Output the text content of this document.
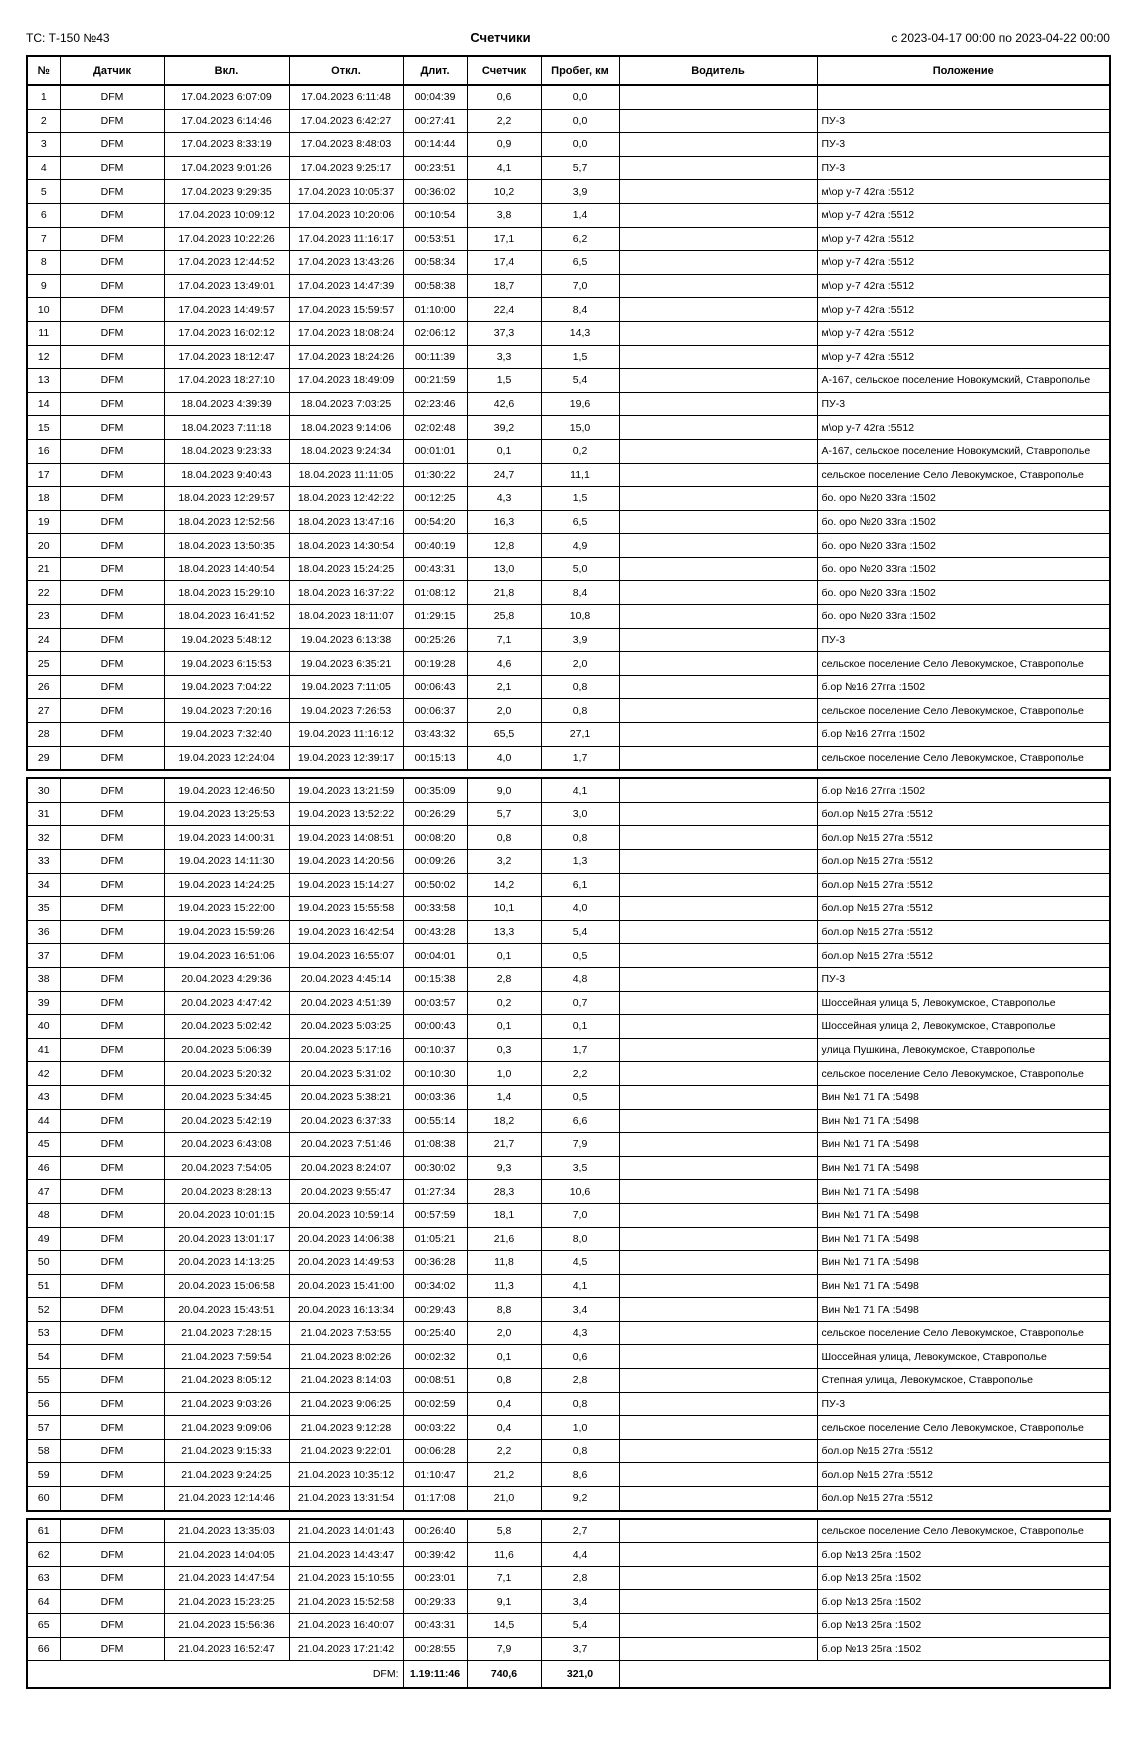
ТС: Т-150 №43	Счетчики	с 2023-04-17 00:00 по 2023-04-22 00:00
№	Датчик	Вкл.	Откл.	Длит.	Счетчик	Пробег, км	Водитель	Положение
1	DFM	17.04.2023 6:07:09	17.04.2023 6:11:48	00:04:39	0,6	0,0		
2	DFM	17.04.2023 6:14:46	17.04.2023 6:42:27	00:27:41	2,2	0,0		ПУ-3
3	DFM	17.04.2023 8:33:19	17.04.2023 8:48:03	00:14:44	0,9	0,0		ПУ-3
4	DFM	17.04.2023 9:01:26	17.04.2023 9:25:17	00:23:51	4,1	5,7		ПУ-3
5	DFM	17.04.2023 9:29:35	17.04.2023 10:05:37	00:36:02	10,2	3,9		м\ор у-7 42га :5512
6	DFM	17.04.2023 10:09:12	17.04.2023 10:20:06	00:10:54	3,8	1,4		м\ор у-7 42га :5512
7	DFM	17.04.2023 10:22:26	17.04.2023 11:16:17	00:53:51	17,1	6,2		м\ор у-7 42га :5512
8	DFM	17.04.2023 12:44:52	17.04.2023 13:43:26	00:58:34	17,4	6,5		м\ор у-7 42га :5512
9	DFM	17.04.2023 13:49:01	17.04.2023 14:47:39	00:58:38	18,7	7,0		м\ор у-7 42га :5512
10	DFM	17.04.2023 14:49:57	17.04.2023 15:59:57	01:10:00	22,4	8,4		м\ор у-7 42га :5512
11	DFM	17.04.2023 16:02:12	17.04.2023 18:08:24	02:06:12	37,3	14,3		м\ор у-7 42га :5512
12	DFM	17.04.2023 18:12:47	17.04.2023 18:24:26	00:11:39	3,3	1,5		м\ор у-7 42га :5512
13	DFM	17.04.2023 18:27:10	17.04.2023 18:49:09	00:21:59	1,5	5,4		А-167, сельское поселение Новокумский, Ставрополье
14	DFM	18.04.2023 4:39:39	18.04.2023 7:03:25	02:23:46	42,6	19,6		ПУ-3
15	DFM	18.04.2023 7:11:18	18.04.2023 9:14:06	02:02:48	39,2	15,0		м\ор у-7 42га :5512
16	DFM	18.04.2023 9:23:33	18.04.2023 9:24:34	00:01:01	0,1	0,2		А-167, сельское поселение Новокумский, Ставрополье
17	DFM	18.04.2023 9:40:43	18.04.2023 11:11:05	01:30:22	24,7	11,1		сельское поселение Село Левокумское, Ставрополье
18	DFM	18.04.2023 12:29:57	18.04.2023 12:42:22	00:12:25	4,3	1,5		бо. оро №20 33га :1502
19	DFM	18.04.2023 12:52:56	18.04.2023 13:47:16	00:54:20	16,3	6,5		бо. оро №20 33га :1502
20	DFM	18.04.2023 13:50:35	18.04.2023 14:30:54	00:40:19	12,8	4,9		бо. оро №20 33га :1502
21	DFM	18.04.2023 14:40:54	18.04.2023 15:24:25	00:43:31	13,0	5,0		бо. оро №20 33га :1502
22	DFM	18.04.2023 15:29:10	18.04.2023 16:37:22	01:08:12	21,8	8,4		бо. оро №20 33га :1502
23	DFM	18.04.2023 16:41:52	18.04.2023 18:11:07	01:29:15	25,8	10,8		бо. оро №20 33га :1502
24	DFM	19.04.2023 5:48:12	19.04.2023 6:13:38	00:25:26	7,1	3,9		ПУ-3
25	DFM	19.04.2023 6:15:53	19.04.2023 6:35:21	00:19:28	4,6	2,0		сельское поселение Село Левокумское, Ставрополье
26	DFM	19.04.2023 7:04:22	19.04.2023 7:11:05	00:06:43	2,1	0,8		б.ор №16 27гга :1502
27	DFM	19.04.2023 7:20:16	19.04.2023 7:26:53	00:06:37	2,0	0,8		сельское поселение Село Левокумское, Ставрополье
28	DFM	19.04.2023 7:32:40	19.04.2023 11:16:12	03:43:32	65,5	27,1		б.ор №16 27гга :1502
29	DFM	19.04.2023 12:24:04	19.04.2023 12:39:17	00:15:13	4,0	1,7		сельское поселение Село Левокумское, Ставрополье
30	DFM	19.04.2023 12:46:50	19.04.2023 13:21:59	00:35:09	9,0	4,1		б.ор №16 27гга :1502
31	DFM	19.04.2023 13:25:53	19.04.2023 13:52:22	00:26:29	5,7	3,0		бол.ор №15 27га :5512
32	DFM	19.04.2023 14:00:31	19.04.2023 14:08:51	00:08:20	0,8	0,8		бол.ор №15 27га :5512
33	DFM	19.04.2023 14:11:30	19.04.2023 14:20:56	00:09:26	3,2	1,3		бол.ор №15 27га :5512
34	DFM	19.04.2023 14:24:25	19.04.2023 15:14:27	00:50:02	14,2	6,1		бол.ор №15 27га :5512
35	DFM	19.04.2023 15:22:00	19.04.2023 15:55:58	00:33:58	10,1	4,0		бол.ор №15 27га :5512
36	DFM	19.04.2023 15:59:26	19.04.2023 16:42:54	00:43:28	13,3	5,4		бол.ор №15 27га :5512
37	DFM	19.04.2023 16:51:06	19.04.2023 16:55:07	00:04:01	0,1	0,5		бол.ор №15 27га :5512
38	DFM	20.04.2023 4:29:36	20.04.2023 4:45:14	00:15:38	2,8	4,8		ПУ-3
39	DFM	20.04.2023 4:47:42	20.04.2023 4:51:39	00:03:57	0,2	0,7		Шоссейная улица 5, Левокумское, Ставрополье
40	DFM	20.04.2023 5:02:42	20.04.2023 5:03:25	00:00:43	0,1	0,1		Шоссейная улица 2, Левокумское, Ставрополье
41	DFM	20.04.2023 5:06:39	20.04.2023 5:17:16	00:10:37	0,3	1,7		улица Пушкина, Левокумское, Ставрополье
42	DFM	20.04.2023 5:20:32	20.04.2023 5:31:02	00:10:30	1,0	2,2		сельское поселение Село Левокумское, Ставрополье
43	DFM	20.04.2023 5:34:45	20.04.2023 5:38:21	00:03:36	1,4	0,5		Вин №1 71 ГА :5498
44	DFM	20.04.2023 5:42:19	20.04.2023 6:37:33	00:55:14	18,2	6,6		Вин №1 71 ГА :5498
45	DFM	20.04.2023 6:43:08	20.04.2023 7:51:46	01:08:38	21,7	7,9		Вин №1 71 ГА :5498
46	DFM	20.04.2023 7:54:05	20.04.2023 8:24:07	00:30:02	9,3	3,5		Вин №1 71 ГА :5498
47	DFM	20.04.2023 8:28:13	20.04.2023 9:55:47	01:27:34	28,3	10,6		Вин №1 71 ГА :5498
48	DFM	20.04.2023 10:01:15	20.04.2023 10:59:14	00:57:59	18,1	7,0		Вин №1 71 ГА :5498
49	DFM	20.04.2023 13:01:17	20.04.2023 14:06:38	01:05:21	21,6	8,0		Вин №1 71 ГА :5498
50	DFM	20.04.2023 14:13:25	20.04.2023 14:49:53	00:36:28	11,8	4,5		Вин №1 71 ГА :5498
51	DFM	20.04.2023 15:06:58	20.04.2023 15:41:00	00:34:02	11,3	4,1		Вин №1 71 ГА :5498
52	DFM	20.04.2023 15:43:51	20.04.2023 16:13:34	00:29:43	8,8	3,4		Вин №1 71 ГА :5498
53	DFM	21.04.2023 7:28:15	21.04.2023 7:53:55	00:25:40	2,0	4,3		сельское поселение Село Левокумское, Ставрополье
54	DFM	21.04.2023 7:59:54	21.04.2023 8:02:26	00:02:32	0,1	0,6		Шоссейная улица, Левокумское, Ставрополье
55	DFM	21.04.2023 8:05:12	21.04.2023 8:14:03	00:08:51	0,8	2,8		Степная улица, Левокумское, Ставрополье
56	DFM	21.04.2023 9:03:26	21.04.2023 9:06:25	00:02:59	0,4	0,8		ПУ-3
57	DFM	21.04.2023 9:09:06	21.04.2023 9:12:28	00:03:22	0,4	1,0		сельское поселение Село Левокумское, Ставрополье
58	DFM	21.04.2023 9:15:33	21.04.2023 9:22:01	00:06:28	2,2	0,8		бол.ор №15 27га :5512
59	DFM	21.04.2023 9:24:25	21.04.2023 10:35:12	01:10:47	21,2	8,6		бол.ор №15 27га :5512
60	DFM	21.04.2023 12:14:46	21.04.2023 13:31:54	01:17:08	21,0	9,2		бол.ор №15 27га :5512
61	DFM	21.04.2023 13:35:03	21.04.2023 14:01:43	00:26:40	5,8	2,7		сельское поселение Село Левокумское, Ставрополье
62	DFM	21.04.2023 14:04:05	21.04.2023 14:43:47	00:39:42	11,6	4,4		б.ор №13 25га :1502
63	DFM	21.04.2023 14:47:54	21.04.2023 15:10:55	00:23:01	7,1	2,8		б.ор №13 25га :1502
64	DFM	21.04.2023 15:23:25	21.04.2023 15:52:58	00:29:33	9,1	3,4		б.ор №13 25га :1502
65	DFM	21.04.2023 15:56:36	21.04.2023 16:40:07	00:43:31	14,5	5,4		б.ор №13 25га :1502
66	DFM	21.04.2023 16:52:47	21.04.2023 17:21:42	00:28:55	7,9	3,7		б.ор №13 25га :1502
DFM:				1.19:11:46	740,6	321,0		
